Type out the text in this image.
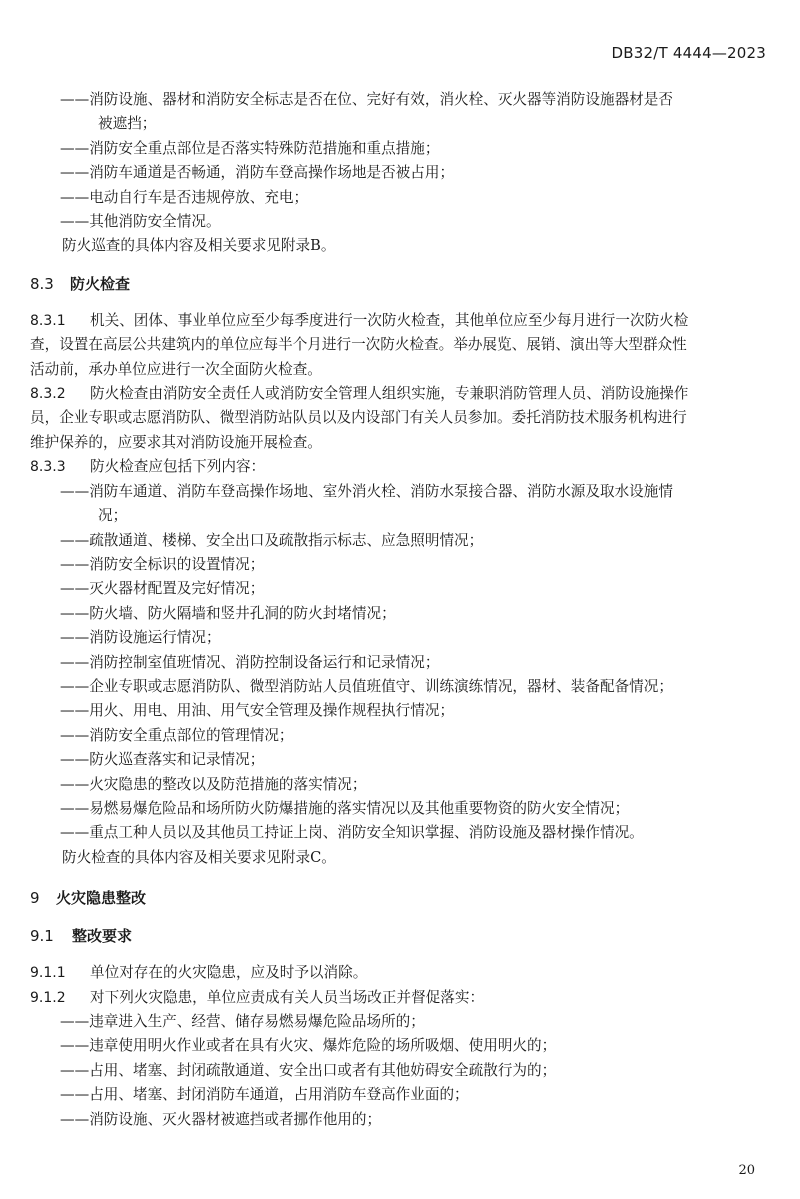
DB32/T 4444—2023
——消防设施、器材和消防安全标志是否在位、完好有效，消火栓、灭火器等消防设施器材是否
被遮挡；
——消防安全重点部位是否落实特殊防范措施和重点措施；
——消防车通道是否畅通，消防车登高操作场地是否被占用；
——电动自行车是否违规停放、充电；
——其他消防安全情况。
防火巡查的具体内容及相关要求见附录B。
8.3 防火检查
8.3.1 机关、团体、事业单位应至少每季度进行一次防火检查，其他单位应至少每月进行一次防火检
查，设置在高层公共建筑内的单位应每半个月进行一次防火检查。举办展览、展销、演出等大型群众性
活动前，承办单位应进行一次全面防火检查。
8.3.2 防火检查由消防安全责任人或消防安全管理人组织实施，专兼职消防管理人员、消防设施操作
员，企业专职或志愿消防队、微型消防站队员以及内设部门有关人员参加。委托消防技术服务机构进行
维护保养的，应要求其对消防设施开展检查。
8.3.3 防火检查应包括下列内容：
——消防车通道、消防车登高操作场地、室外消火栓、消防水泵接合器、消防水源及取水设施情
况；
——疏散通道、楼梯、安全出口及疏散指示标志、应急照明情况；
——消防安全标识的设置情况；
——灭火器材配置及完好情况；
——防火墙、防火隔墙和竖井孔洞的防火封堵情况；
——消防设施运行情况；
——消防控制室值班情况、消防控制设备运行和记录情况；
——企业专职或志愿消防队、微型消防站人员值班值守、训练演练情况，器材、装备配备情况；
——用火、用电、用油、用气安全管理及操作规程执行情况；
——消防安全重点部位的管理情况；
——防火巡查落实和记录情况；
——火灾隐患的整改以及防范措施的落实情况；
——易燃易爆危险品和场所防火防爆措施的落实情况以及其他重要物资的防火安全情况；
——重点工种人员以及其他员工持证上岗、消防安全知识掌握、消防设施及器材操作情况。
防火检查的具体内容及相关要求见附录C。
9 火灾隐患整改
9.1 整改要求
9.1.1 单位对存在的火灾隐患，应及时予以消除。
9.1.2 对下列火灾隐患，单位应责成有关人员当场改正并督促落实：
——违章进入生产、经营、储存易燃易爆危险品场所的；
——违章使用明火作业或者在具有火灾、爆炸危险的场所吸烟、使用明火的；
——占用、堵塞、封闭疏散通道、安全出口或者有其他妨碍安全疏散行为的；
——占用、堵塞、封闭消防车通道，占用消防车登高作业面的；
——消防设施、灭火器材被遮挡或者挪作他用的；
20
